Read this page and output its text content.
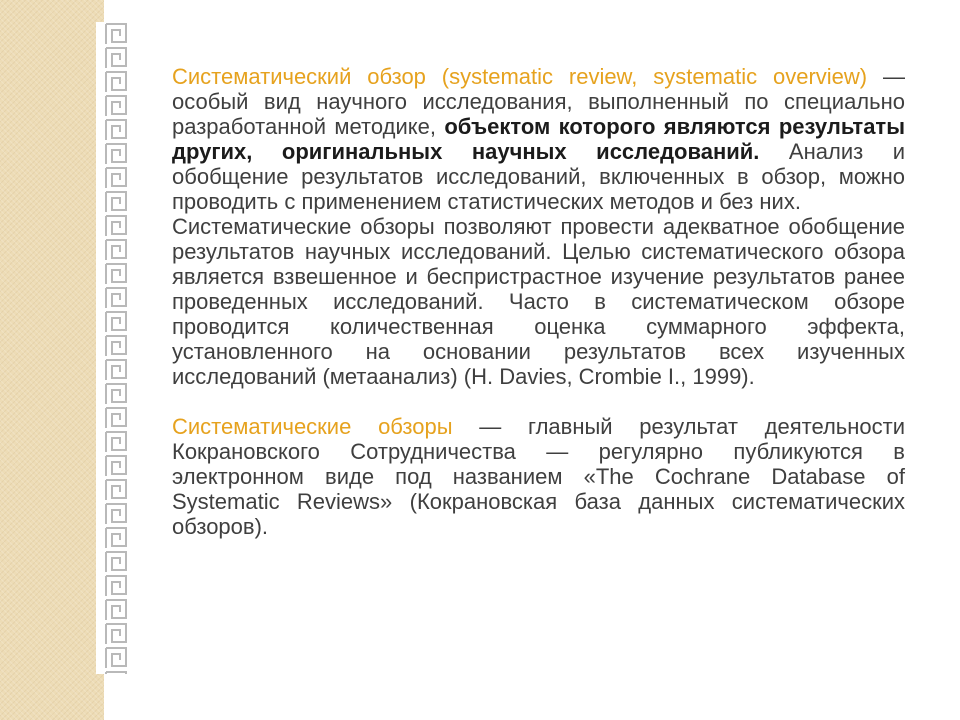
Систематический обзор (systematic review, systematic overview) — особый вид научного исследования, выполненный по специально разработанной методике, объектом которого являются результаты других, оригинальных научных исследований. Анализ и обобщение результатов исследований, включенных в обзор, можно проводить с применением статистических методов и без них.

Систематические обзоры позволяют провести адекватное обобщение результатов научных исследований. Целью систематического обзора является взвешенное и беспристрастное изучение результатов ранее проведенных исследований. Часто в систематическом обзоре проводится количественная оценка суммарного эффекта, установленного на основании результатов всех изученных исследований (метаанализ) (H. Davies, Crombie I., 1999).

Систематические обзоры — главный результат деятельности Кокрановского Сотрудничества — регулярно публикуются в электронном виде под названием «The Cochrane Database of Systematic Reviews» (Кокрановская база данных систематических обзоров).
